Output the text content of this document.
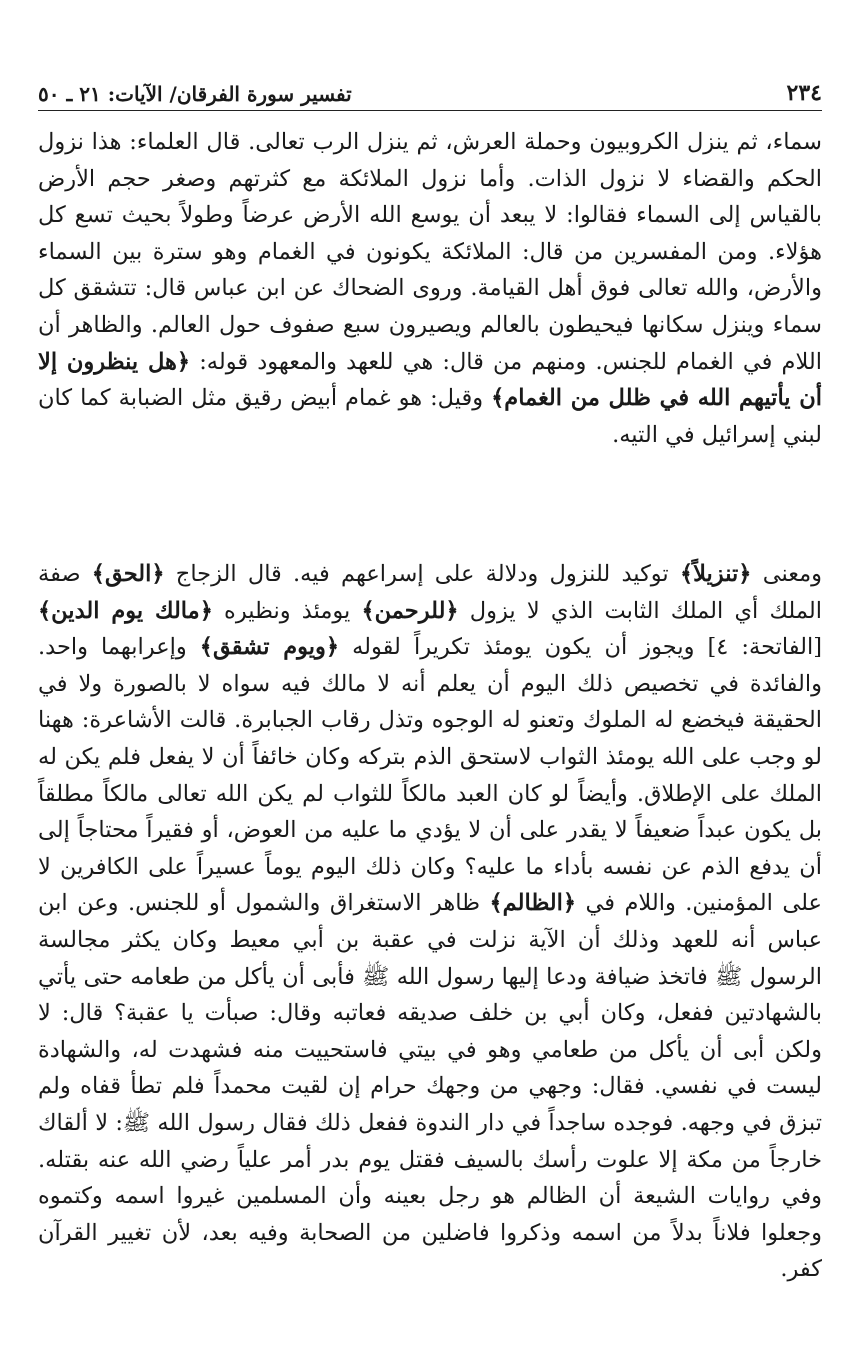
٢٣٤
تفسير سورة الفرقان/ الآيات: ٢١ ـ ٥٠

سماء، ثم ينزل الكروبيون وحملة العرش، ثم ينزل الرب تعالى. قال العلماء: هذا نزول الحكم والقضاء لا نزول الذات. وأما نزول الملائكة مع كثرتهم وصغر حجم الأرض بالقياس إلى السماء فقالوا: لا يبعد أن يوسع الله الأرض عرضاً وطولاً بحيث تسع كل هؤلاء. ومن المفسرين من قال: الملائكة يكونون في الغمام وهو سترة بين السماء والأرض، والله تعالى فوق أهل القيامة. وروى الضحاك عن ابن عباس قال: تتشقق كل سماء وينزل سكانها فيحيطون بالعالم ويصيرون سبع صفوف حول العالم. والظاهر أن اللام في الغمام للجنس. ومنهم من قال: هي للعهد والمعهود قوله: ﴿هل ينظرون إلا أن يأتيهم الله في ظلل من الغمام﴾ وقيل: هو غمام أبيض رقيق مثل الضبابة كما كان لبني إسرائيل في التيه.

ومعنى ﴿تنزيلاً﴾ توكيد للنزول ودلالة على إسراعهم فيه. قال الزجاج ﴿الحق﴾ صفة الملك أي الملك الثابت الذي لا يزول ﴿للرحمن﴾ يومئذ ونظيره ﴿مالك يوم الدين﴾ [الفاتحة: ٤] ويجوز أن يكون يومئذ تكريراً لقوله ﴿ويوم تشقق﴾ وإعرابهما واحد. والفائدة في تخصيص ذلك اليوم أن يعلم أنه لا مالك فيه سواه لا بالصورة ولا في الحقيقة فيخضع له الملوك وتعنو له الوجوه وتذل رقاب الجبابرة. قالت الأشاعرة: ههنا لو وجب على الله يومئذ الثواب لاستحق الذم بتركه وكان خائفاً أن لا يفعل فلم يكن له الملك على الإطلاق. وأيضاً لو كان العبد مالكاً للثواب لم يكن الله تعالى مالكاً مطلقاً بل يكون عبداً ضعيفاً لا يقدر على أن لا يؤدي ما عليه من العوض، أو فقيراً محتاجاً إلى أن يدفع الذم عن نفسه بأداء ما عليه؟ وكان ذلك اليوم يوماً عسيراً على الكافرين لا على المؤمنين. واللام في ﴿الظالم﴾ ظاهر الاستغراق والشمول أو للجنس. وعن ابن عباس أنه للعهد وذلك أن الآية نزلت في عقبة بن أبي معيط وكان يكثر مجالسة الرسول ﷺ فاتخذ ضيافة ودعا إليها رسول الله ﷺ فأبى أن يأكل من طعامه حتى يأتي بالشهادتين ففعل، وكان أبي بن خلف صديقه فعاتبه وقال: صبأت يا عقبة؟ قال: لا ولكن أبى أن يأكل من طعامي وهو في بيتي فاستحييت منه فشهدت له، والشهادة ليست في نفسي. فقال: وجهي من وجهك حرام إن لقيت محمداً فلم تطأ قفاه ولم تبزق في وجهه. فوجده ساجداً في دار الندوة ففعل ذلك فقال رسول الله ﷺ: لا ألقاك خارجاً من مكة إلا علوت رأسك بالسيف فقتل يوم بدر أمر علياً رضي الله عنه بقتله. وفي روايات الشيعة أن الظالم هو رجل بعينه وأن المسلمين غيروا اسمه وكتموه وجعلوا فلاناً بدلاً من اسمه وذكروا فاضلين من الصحابة وفيه بعد، لأن تغيير القرآن كفر.
